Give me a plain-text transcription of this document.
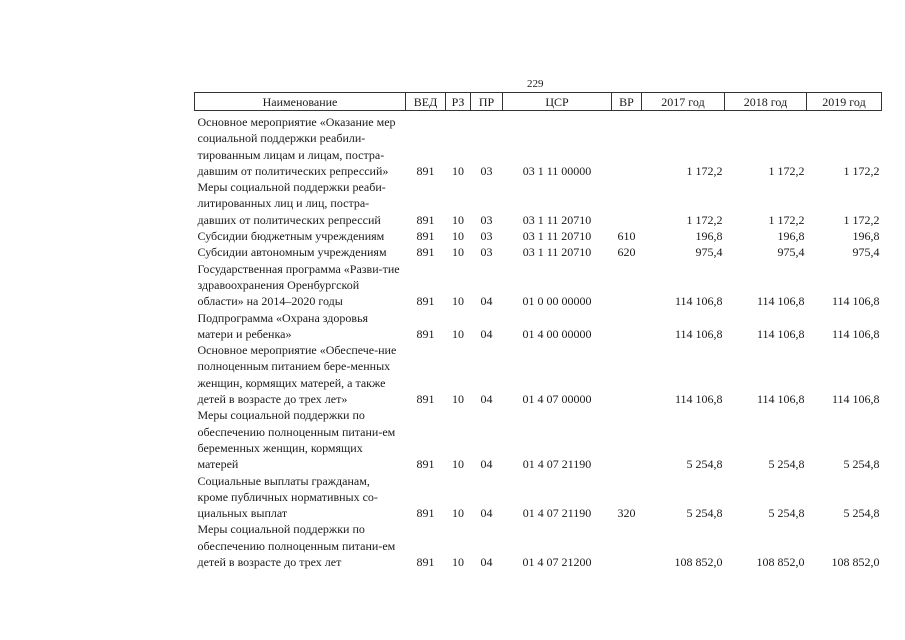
229
Наименование	ВЕД	РЗ	ПР	ЦСР	ВР	2017 год	2018 год	2019 год

Основное мероприятие «Оказание мер социальной поддержки реабили-тированным лицам и лицам, постра-давшим от политических репрессий»	891	10	03	03 1 11 00000		1 172,2	1 172,2	1 172,2
Меры социальной поддержки реаби-литированных лиц и лиц, постра-давших от политических репрессий	891	10	03	03 1 11 20710		1 172,2	1 172,2	1 172,2
Субсидии бюджетным учреждениям	891	10	03	03 1 11 20710	610	196,8	196,8	196,8
Субсидии автономным учреждениям	891	10	03	03 1 11 20710	620	975,4	975,4	975,4
Государственная программа «Разви-тие здравоохранения Оренбургской области» на 2014–2020 годы	891	10	04	01 0 00 00000		114 106,8	114 106,8	114 106,8
Подпрограмма «Охрана здоровья матери и ребенка»	891	10	04	01 4 00 00000		114 106,8	114 106,8	114 106,8
Основное мероприятие «Обеспече-ние полноценным питанием бере-менных женщин, кормящих матерей, а также детей в возрасте до трех лет»	891	10	04	01 4 07 00000		114 106,8	114 106,8	114 106,8
Меры социальной поддержки по обеспечению полноценным питани-ем беременных женщин, кормящих матерей	891	10	04	01 4 07 21190		5 254,8	5 254,8	5 254,8
Социальные выплаты гражданам, кроме публичных нормативных со-циальных выплат	891	10	04	01 4 07 21190	320	5 254,8	5 254,8	5 254,8
Меры социальной поддержки по обеспечению полноценным питани-ем детей в возрасте до трех лет	891	10	04	01 4 07 21200		108 852,0	108 852,0	108 852,0
